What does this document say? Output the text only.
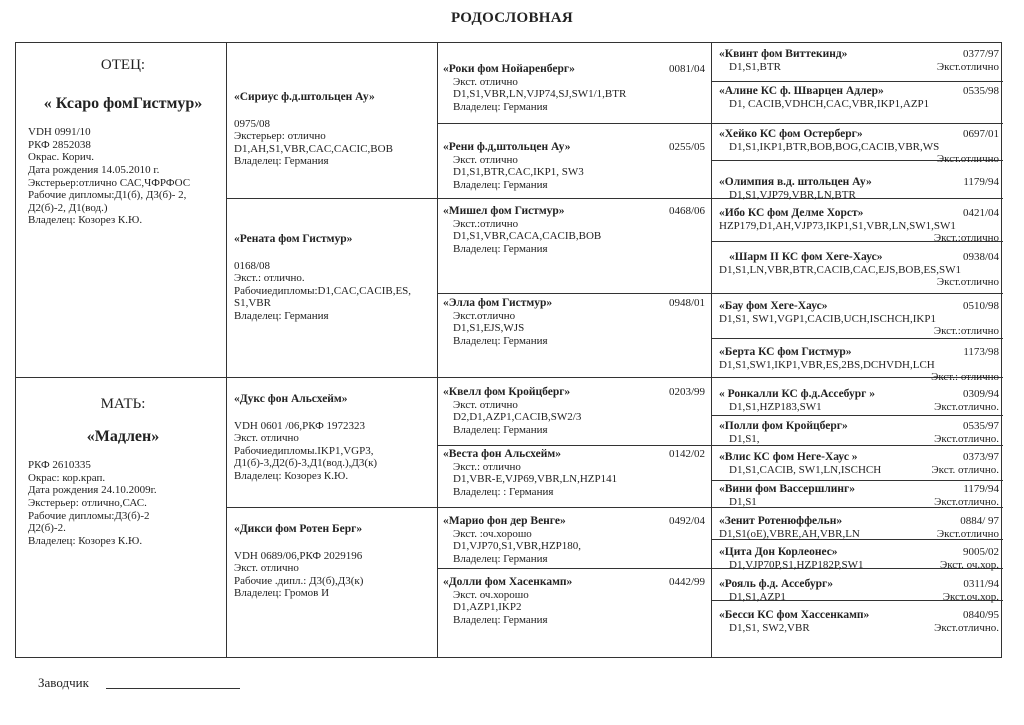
РОДОСЛОВНАЯ
ОТЕЦ:
« Ксаро фомГистмур»
VDH 0991/10
РКФ 2852038
Окрас. Корич.
Дата рождения 14.05.2010 г.
Экстерьер:отлично САС,ЧФРФОС
Рабочие дипломы:Д1(б), Д3(б)- 2,
Д2(б)-2, Д1(вод.)
Владелец: Козорез К.Ю.
МАТЬ:
«Мадлен»
РКФ 2610335
Окрас: кор.крап.
Дата рождения 24.10.2009г.
Экстерьер: отлично,САС.
Рабочие дипломы:Д3(б)-2
Д2(б)-2.
Владелец: Козорез К.Ю.
«Сириус ф.д.штольцен Ау»
0975/08
Экстерьер: отлично
D1,AH,S1,VBR,CAC,CACIC,BOB
Владелец: Германия
«Рената фом Гистмур»
0168/08
Экст.: отлично.
Рабочиедипломы:D1,CAC,CACIB,ES,
S1,VBR
Владелец: Германия
«Дукс фон Альсхейм»
VDH 0601 /06,РКФ 1972323
Экст. отлично
Рабочиедипломы.IKP1,VGP3,
Д1(б)-3,Д2(б)-3,Д1(вод.),Д3(к)
Владелец: Козорез К.Ю.
«Дикси фом Ротен Берг»
VDH 0689/06,РКФ 2029196
Экст. отлично
Рабочие .дипл.: Д3(б),Д3(к)
Владелец: Громов И
«Роки фом Нойаренберг»	0081/04
Экст. отлично
D1,S1,VBR,LN,VJP74,SJ,SW1/1,BTR
Владелец: Германия
«Рени ф.д,штольцен Ау»	0255/05
Экст. отлично
D1,S1,BTR,CAC,IKP1, SW3
Владелец: Германия
«Мишел фом Гистмур»	0468/06
Экст.:отлично
D1,S1,VBR,CACA,CACIB,BOB
Владелец: Германия
«Элла фом Гистмур»	0948/01
Экст.отлично
D1,S1,EJS,WJS
Владелец: Германия
«Квелл фом Кройцберг»	0203/99
Экст. отлично
D2,D1,AZP1,CACIB,SW2/3
Владелец: Германия
«Веста фон Альсхейм»	0142/02
Экст.: отлично
D1,VBR-E,VJP69,VBR,LN,HZP141
Владелец: : Германия
«Марио фон дер Венге»	0492/04
Экст. :оч.хорошо
D1,VJP70,S1,VBR,HZP180,
Владелец: Германия
«Долли фом Хасенкамп»	0442/99
Экст. оч.хорошо
D1,AZP1,IKP2
Владелец: Германия
«Квинт фом Виттекинд»	0377/97
D1,S1,BTR	Экст.отлично
«Алине КС ф. Шварцен Адлер»	0535/98
D1, CACIB,VDHCH,CAC,VBR,IKP1,AZP1
«Хейко КС фом Остерберг»	0697/01
D1,S1,IKP1,BTR,BOB,BOG,CACIB,VBR,WS
Экст.отлично
«Олимпия в.д. штольцен Ау»	1179/94
D1,S1,VJP79,VBR,LN,BTR
«Ибо КС фом Делме Хорст»	0421/04
HZP179,D1,AH,VJP73,IKP1,S1,VBR,LN,SW1,SW1
Экст.:отлично
«Шарм II КС фом Хеге-Хаус»	0938/04
D1,S1,LN,VBR,BTR,CACIB,CAC,EJS,BOB,ES,SW1
Экст.отлично
«Бау фом Хеге-Хаус»	0510/98
D1,S1, SW1,VGP1,CACIB,UCH,ISCHCH,IKP1
Экст.:отлично
«Берта КС фом Гистмур»	1173/98
D1,S1,SW1,IKP1,VBR,ES,2BS,DCHVDH,LCH
Экст.: отлично
« Ронкалли КС ф.д.Ассебург »	0309/94
D1,S1,HZP183,SW1	Экст.отлично.
«Полли фом Кройцберг»	0535/97
D1,S1,	Экст.отлично.
«Влис КС фом Неге-Хаус »	0373/97
D1,S1,CACIB, SW1,LN,ISCHCH	Экст. отлично.
«Вини фом Вассершлинг»	1179/94
D1,S1	Экст.отлично.
«Зенит Ротенюффельн»	0884/ 97
D1,S1(oE),VBRE,AH,VBR,LN	Экст.отлично
«Цита Дон Корлеонес»	9005/02
D1,VJP70P,S1,HZP182P,SW1	Экст. оч.хор.
«Рояль ф.д. Ассебург»	0311/94
D1,S1,AZP1	Экст.оч.хор.
«Бесси КС фом Хассенкамп»	0840/95
D1,S1, SW2,VBR	Экст.отлично.
Заводчик
